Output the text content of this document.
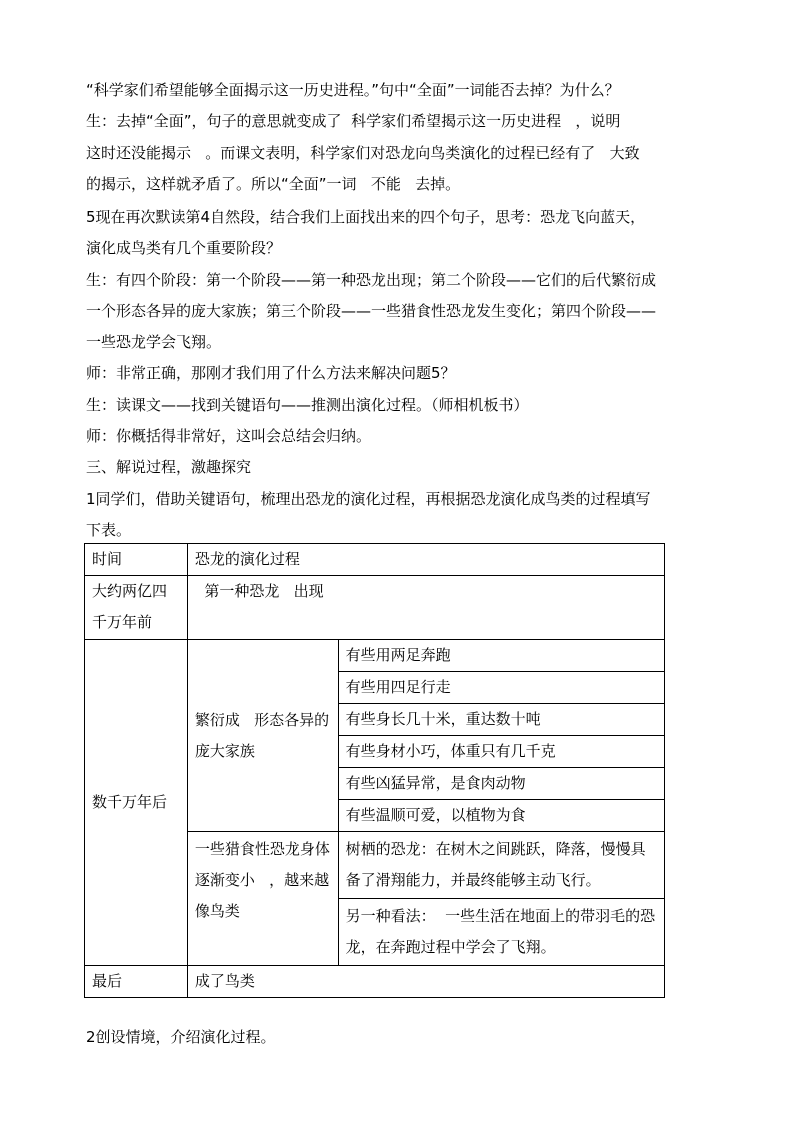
“科学家们希望能够全面揭示这一历史进程。”句中“全面”一词能否去掉？为什么？
生：去掉“全面”，句子的意思就变成了  科学家们希望揭示这一历史进程   ，说明
这时还没能揭示   。而课文表明，科学家们对恐龙向鸟类演化的过程已经有了   大致
的揭示，这样就矛盾了。所以“全面”一词   不能   去掉。
5现在再次默读第4自然段，结合我们上面找出来的四个句子，思考：恐龙飞向蓝天，
演化成鸟类有几个重要阶段？
生：有四个阶段：第一个阶段——第一种恐龙出现；第二个阶段——它们的后代繁衍成
一个形态各异的庞大家族；第三个阶段——一些猎食性恐龙发生变化；第四个阶段——
一些恐龙学会飞翔。
师：非常正确，那刚才我们用了什么方法来解决问题5？
生：读课文——找到关键语句——推测出演化过程。（师相机板书）
师：你概括得非常好，这叫会总结会归纳。
三、解说过程，激趣探究
1同学们，借助关键语句，梳理出恐龙的演化过程，再根据恐龙演化成鸟类的过程填写
下表。
时间	恐龙的演化过程	
大约两亿四千万年前	第一种恐龙   出现	
数千万年后	繁衍成   形态各异的庞大家族	有些用两足奔跑
		有些用四足行走
		有些身长几十米，重达数十吨
		有些身材小巧，体重只有几千克
		有些凶猛异常，是食肉动物
		有些温顺可爱，以植物为食
	一些猎食性恐龙身体逐渐变小   ，越来越像鸟类	树栖的恐龙：在树木之间跳跃，降落，慢慢具备了滑翔能力，并最终能够主动飞行。
		另一种看法：  一些生活在地面上的带羽毛的恐龙，在奔跑过程中学会了飞翔。
最后	成了鸟类	
2创设情境，介绍演化过程。
